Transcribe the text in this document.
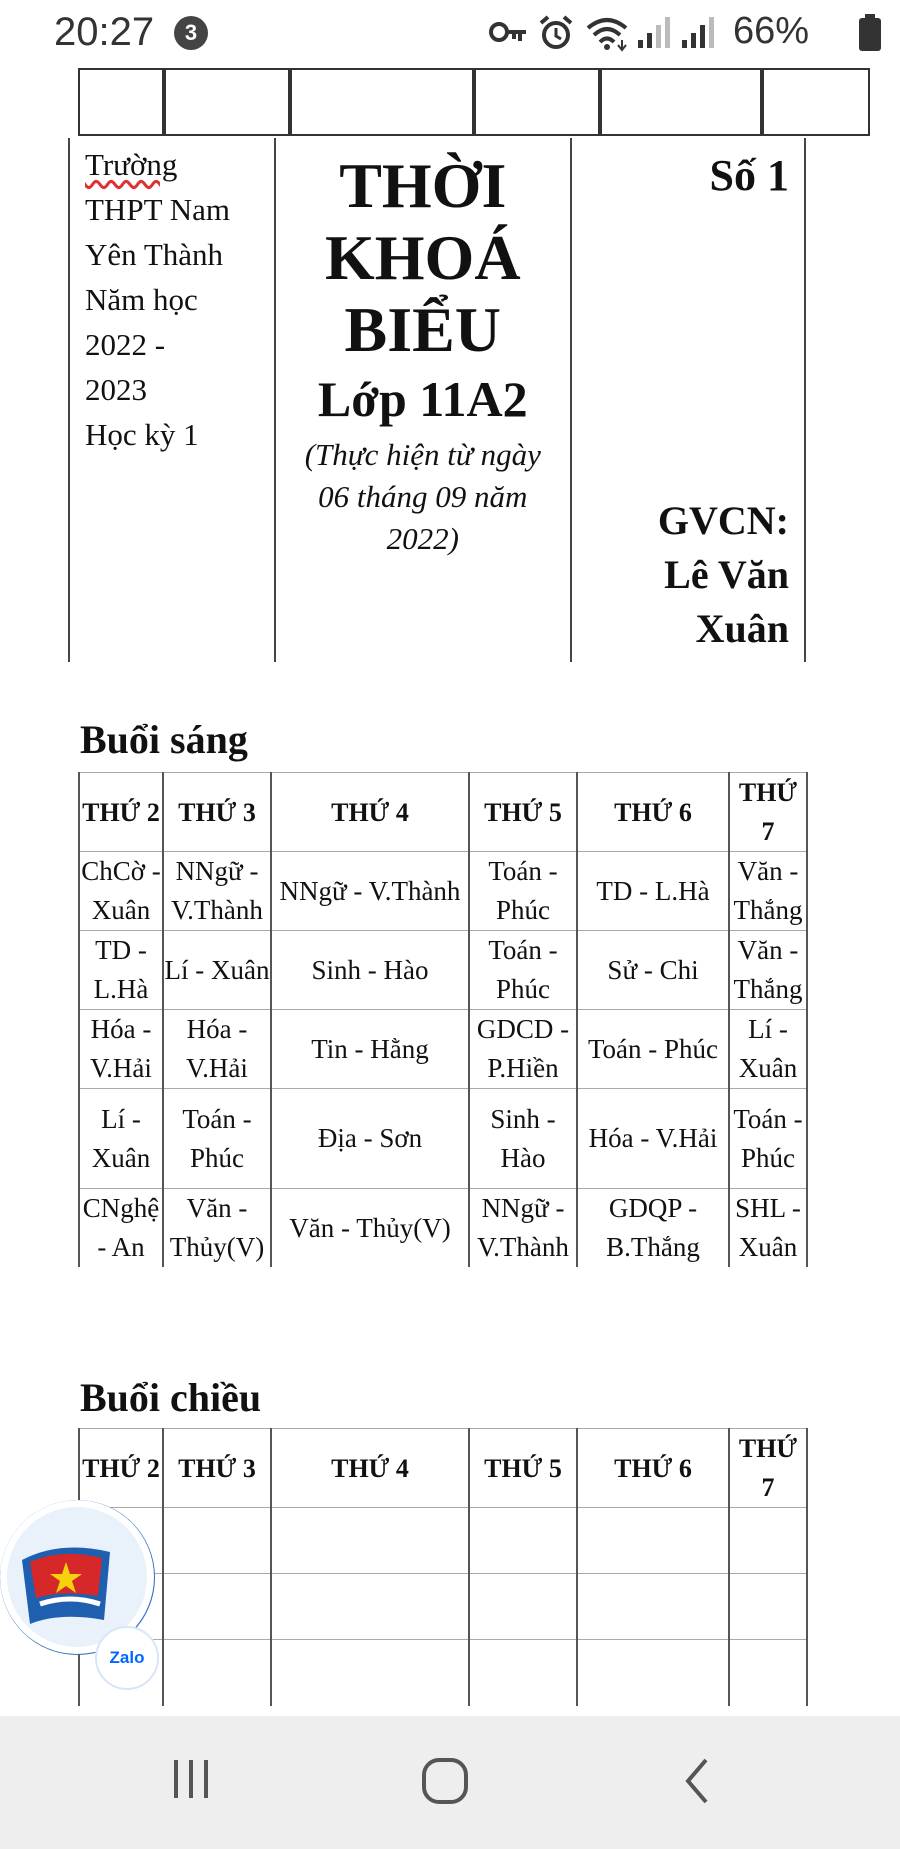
20:27	3	66%

Trường
THPT Nam
Yên Thành
Năm học
2022 -
2023
Học kỳ 1

THỜI
KHOÁ
BIỂU
Lớp 11A2
(Thực hiện từ ngày 06 tháng 09 năm 2022)

Số 1
GVCN:
Lê Văn Xuân
Buổi sáng
THỨ 2	THỨ 3	THỨ 4	THỨ 5	THỨ 6	THỨ 7
ChCờ - Xuân	NNgữ - V.Thành	NNgữ - V.Thành	Toán - Phúc	TD - L.Hà	Văn - Thắng
TD - L.Hà	Lí - Xuân	Sinh - Hào	Toán - Phúc	Sử - Chi	Văn - Thắng
Hóa - V.Hải	Hóa - V.Hải	Tin - Hằng	GDCD - P.Hiền	Toán - Phúc	Lí - Xuân
Lí - Xuân	Toán - Phúc	Địa - Sơn	Sinh - Hào	Hóa - V.Hải	Toán - Phúc
CNghệ - An	Văn - Thủy(V)	Văn - Thủy(V)	NNgữ - V.Thành	GDQP - B.Thắng	SHL - Xuân
Buổi chiều
THỨ 2	THỨ 3	THỨ 4	THỨ 5	THỨ 6	THỨ 7

Zalo
